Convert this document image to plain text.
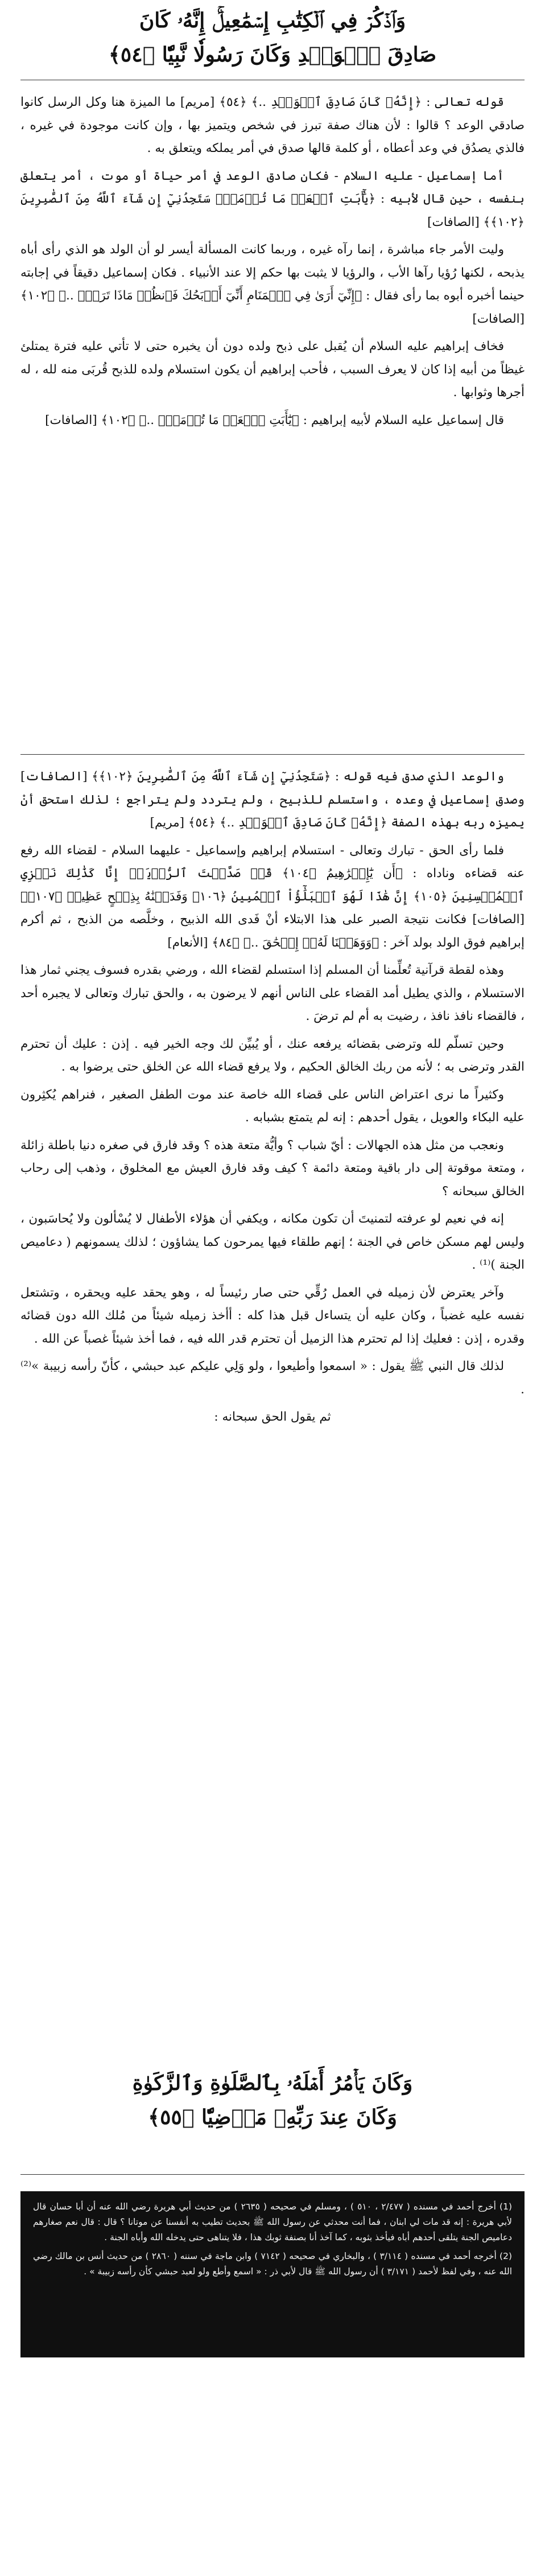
وَٱذۡكُرۡ فِي ٱلۡكِتَٰبِ إِسۡمَٰعِيلَۚ إِنَّهُۥ كَانَ
صَادِقَ ٱلۡوَعۡدِ وَكَانَ رَسُولٗا نَّبِيّٗا ﴿٥٤﴾

قوله تعالى : ﴿إِنَّهُۥ كَانَ صَادِقَ ٱلۡوَعۡدِ ..﴾ ﴿٥٤﴾ [مريم] ما الميزة هنا وكل الرسل كانوا صادقي الوعد ؟ قالوا : لأن هناك صفة تبرز في شخص ويتميز بها ، وإن كانت موجودة في غيره ، فالذي يصدُق في وعد أعطاه ، أو كلمة قالها صدق في أمر يملكه ويتعلق به .

أما إسماعيل - عليه السلام - فكان صادق الوعد في أمر حياة أو موت ، أمر يتعلق بنفسه ، حين قال لأبيه : ﴿يَٰٓأَبَتِ ٱفۡعَلۡ مَا تُؤۡمَرُۖ سَتَجِدُنِيٓ إِن شَآءَ ٱللَّهُ مِنَ ٱلصَّٰبِرِينَ ﴿١٠٢﴾﴾ [الصافات]

وليت الأمر جاء مباشرة ، إنما رآه غيره ، وربما كانت المسألة أيسر لو أن الولد هو الذي رأى أباه يذبحه ، لكنها رُؤيا رآها الأب ، والرؤيا لا يثبت بها حكم إلا عند الأنبياء . فكان إسماعيل دقيقاً في إجابته حينما أخبره أبوه بما رأى فقال : ﴿إِنِّيٓ أَرَىٰ فِي ٱلۡمَنَامِ أَنِّيٓ أَذۡبَحُكَ فَٱنظُرۡ مَاذَا تَرَىٰۚ ..﴾ ﴿١٠٢﴾ [الصافات]

فخاف إبراهيم عليه السلام أن يُقبل على ذبح ولده دون أن يخبره حتى لا تأتي عليه فترة يمتلئ غيظاً من أبيه إذا كان لا يعرف السبب ، فأحب إبراهيم أن يكون استسلام ولده للذبح قُربَى منه لله ، له أجرها وثوابها .

قال إسماعيل عليه السلام لأبيه إبراهيم : ﴿يَٰٓأَبَتِ ٱفۡعَلۡ مَا تُؤۡمَرُۖ ..﴾ ﴿١٠٢﴾ [الصافات]

والوعد الذي صدق فيه قوله : ﴿سَتَجِدُنِيٓ إِن شَآءَ ٱللَّهُ مِنَ ٱلصَّٰبِرِينَ ﴿١٠٢﴾﴾ [الصافات] وصدق إسماعيل في وعده ، واستسلم للذبيح ، ولم يتردد ولم يتراجع ؛ لذلك استحق أنْ يميزه ربه بهذه الصفة ﴿إِنَّهُۥ كَانَ صَادِقَ ٱلۡوَعۡدِ ..﴾ ﴿٥٤﴾ [مريم]

فلما رأى الحق - تبارك وتعالى - استسلام إبراهيم وإسماعيل - عليهما السلام - لقضاء الله رفع عنه قضاءه وناداه : ﴿أَن يَٰٓإِبۡرَٰهِيمُ ﴿١٠٤﴾ قَدۡ صَدَّقۡتَ ٱلرُّءۡيَآۚ إِنَّا كَذَٰلِكَ نَجۡزِي ٱلۡمُحۡسِنِينَ ﴿١٠٥﴾ إِنَّ هَٰذَا لَهُوَ ٱلۡبَلَٰٓؤُاْ ٱلۡمُبِينُ ﴿١٠٦﴾ وَفَدَيۡنَٰهُ بِذِبۡحٍ عَظِيمٖ ﴿١٠٧﴾﴾ [الصافات] فكانت نتيجة الصبر على هذا الابتلاء أنْ فَدى الله الذبيح ، وخلَّصه من الذبح ، ثم أكرم إبراهيم فوق الولد بولد آخر : ﴿وَوَهَبۡنَا لَهُۥٓ إِسۡحَٰقَ ..﴾ ﴿٨٤﴾ [الأنعام]

وهذه لقطة قرآنية تُعلِّمنا أن المسلم إذا استسلم لقضاء الله ، ورضي بقدره فسوف يجني ثمار هذا الاستسلام ، والذي يطيل أمد القضاء على الناس أنهم لا يرضون به ، والحق تبارك وتعالى لا يجبره أحد ، فالقضاء نافذ نافذ ، رضيت به أم لم ترضَ .

وحين تسلّم لله وترضى بقضائه يرفعه عنك ، أو يُبيِّن لك وجه الخير فيه . إذن : عليك أن تحترم القدر وترضى به ؛ لأنه من ربك الخالق الحكيم ، ولا يرفع قضاء الله عن الخلق حتى يرضوا به .

وكثيراً ما نرى اعتراض الناس على قضاء الله خاصة عند موت الطفل الصغير ، فنراهم يُكثِرون عليه البكاء والعويل ، يقول أحدهم : إنه لم يتمتع بشبابه .

ونعجب من مثل هذه الجهالات : أيّ شباب ؟ وأيُّة متعة هذه ؟ وقد فارق في صغره دنيا باطلة زائلة ، ومتعة موقوتة إلى دار باقية ومتعة دائمة ؟ كيف وقد فارق العيش مع المخلوق ، وذهب إلى رحاب الخالق سبحانه ؟

إنه في نعيم لو عرفته لتمنيتَ أن تكون مكانه ، ويكفي أن هؤلاء الأطفال لا يُسْألون ولا يُحاسَبون ، وليس لهم مسكن خاص في الجنة ؛ إنهم طلقاء فيها يمرحون كما يشاؤون ؛ لذلك يسمونهم ( دعاميص الجنة )⁽¹⁾ .

وآخر يعترض لأن زميله في العمل رُقِّي حتى صار رئيساً له ، وهو يحقد عليه ويحقره ، وتشتعل نفسه عليه غضباً ، وكان عليه أن يتساءل قبل هذا كله : أأخذ زميله شيئاً من مُلك الله دون قضائه وقدره ، إذن : فعليك إذا لم تحترم هذا الزميل أن تحترم قدر الله فيه ، فما أخذ شيئاً غصباً عن الله .

لذلك قال النبي ﷺ يقول : « اسمعوا وأطيعوا ، ولو وَلِي عليكم عبد حبشي ، كأنّ رأسه زبيبة »⁽²⁾ .

ثم يقول الحق سبحانه :

وَكَانَ يَأۡمُرُ أَهۡلَهُۥ بِٱلصَّلَوٰةِ وَٱلزَّكَوٰةِ
وَكَانَ عِندَ رَبِّهِۦ مَرۡضِيّٗا ﴿٥٥﴾

(1) أخرج أحمد في مسنده ( ٢/٤٧٧ ، ٥١٠ ) ، ومسلم في صحيحه ( ٢٦٣٥ ) من حديث أبي هريرة رضي الله عنه أن أبا حسان قال لأبي هريرة : إنه قد مات لي ابنان ، فما أنت محدثي عن رسول الله ﷺ بحديث تطيب به أنفسنا عن موتانا ؟ قال : قال نعم صغارهم دعاميص الجنة يتلقى أحدهم أباه فيأخذ بثوبه ، كما آخذ أنا بصنفة ثوبك هذا ، فلا يتناهى حتى يدخله الله وأباه الجنة .

(2) أخرجه أحمد في مسنده ( ٣/١١٤ ) ، والبخاري في صحيحه ( ٧١٤٢ ) وابن ماجة في سننه ( ٢٨٦٠ ) من حديث أنس بن مالك رضي الله عنه ، وفي لفظ لأحمد ( ٣/١٧١ ) أن رسول الله ﷺ قال لأبي ذر : « اسمع وأطع ولو لعبد حبشي كأن رأسه زبيبة » .
